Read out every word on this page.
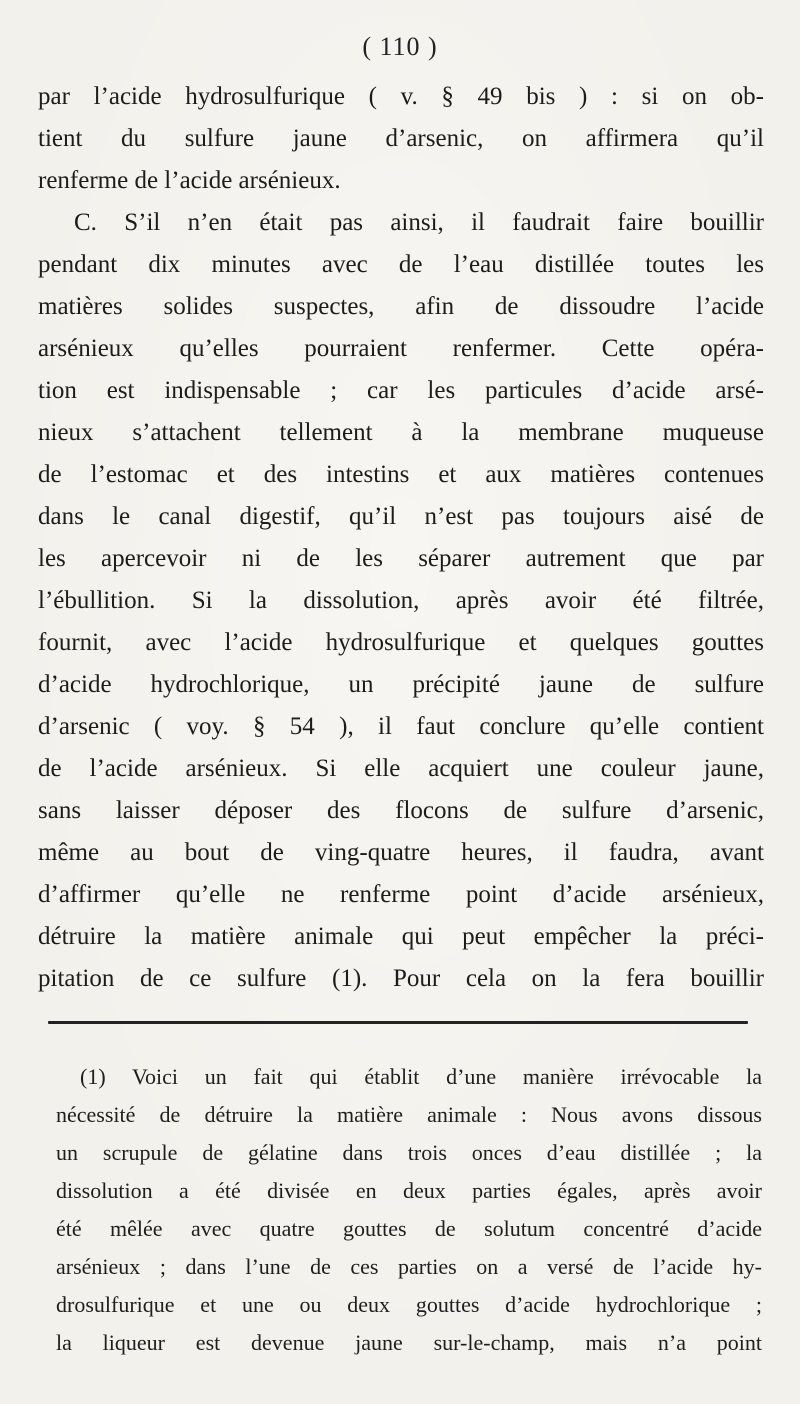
( 110 )
par l’acide hydrosulfurique ( v. § 49 bis ) : si on ob-
tient du sulfure jaune d’arsenic, on affirmera qu’il
renferme de l’acide arsénieux.
C. S’il n’en était pas ainsi, il faudrait faire bouillir
pendant dix minutes avec de l’eau distillée toutes les
matières solides suspectes, afin de dissoudre l’acide
arsénieux qu’elles pourraient renfermer. Cette opéra-
tion est indispensable ; car les particules d’acide arsé-
nieux s’attachent tellement à la membrane muqueuse
de l’estomac et des intestins et aux matières contenues
dans le canal digestif, qu’il n’est pas toujours aisé de
les apercevoir ni de les séparer autrement que par
l’ébullition. Si la dissolution, après avoir été filtrée,
fournit, avec l’acide hydrosulfurique et quelques gouttes
d’acide hydrochlorique, un précipité jaune de sulfure
d’arsenic ( voy. § 54 ), il faut conclure qu’elle contient
de l’acide arsénieux. Si elle acquiert une couleur jaune,
sans laisser déposer des flocons de sulfure d’arsenic,
même au bout de ving-quatre heures, il faudra, avant
d’affirmer qu’elle ne renferme point d’acide arsénieux,
détruire la matière animale qui peut empêcher la préci-
pitation de ce sulfure (1). Pour cela on la fera bouillir
(1) Voici un fait qui établit d’une manière irrévocable la
nécessité de détruire la matière animale : Nous avons dissous
un scrupule de gélatine dans trois onces d’eau distillée ; la
dissolution a été divisée en deux parties égales, après avoir
été mêlée avec quatre gouttes de solutum concentré d’acide
arsénieux ; dans l’une de ces parties on a versé de l’acide hy-
drosulfurique et une ou deux gouttes d’acide hydrochlorique ;
la liqueur est devenue jaune sur-le-champ, mais n’a point
